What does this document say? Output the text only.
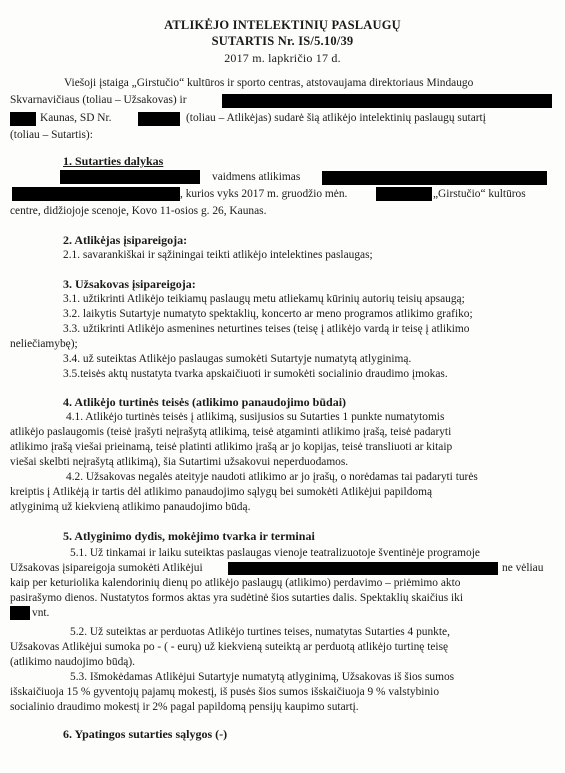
ATLIKĖJO INTELEKTINIŲ PASLAUGŲ
SUTARTIS Nr. IS/5.10/39
2017 m. lapkričio 17 d.
Viešoji įstaiga „Girstučio“ kultūros ir sporto centras, atstovaujama direktoriaus Mindaugo
Skvarnavičiaus (toliau – Užsakovas) ir
Kaunas, SD Nr.	(toliau – Atlikėjas) sudarė šią atlikėjo intelektinių paslaugų sutartį
(toliau – Sutartis):
1. Sutarties dalykas
vaidmens atlikimas
, kurios vyks 2017 m. gruodžio mėn.	„Girstučio“ kultūros
centre, didžiojoje scenoje, Kovo 11-osios g. 26, Kaunas.
2. Atlikėjas įsipareigoja:
2.1. savarankiškai ir sąžiningai teikti atlikėjo intelektines paslaugas;
3. Užsakovas įsipareigoja:
3.1. užtikrinti Atlikėjo teikiamų paslaugų metu atliekamų kūrinių autorių teisių apsaugą;
3.2. laikytis Sutartyje numatyto spektaklių, koncerto ar meno programos atlikimo grafiko;
3.3. užtikrinti Atlikėjo asmenines neturtines teises (teisę į atlikėjo vardą ir teisę į atlikimo
neliečiamybę);
3.4. už suteiktas Atlikėjo paslaugas sumokėti Sutartyje numatytą atlyginimą.
3.5.teisės aktų nustatyta tvarka apskaičiuoti ir sumokėti socialinio draudimo įmokas.
4. Atlikėjo turtinės teisės (atlikimo panaudojimo būdai)
4.1. Atlikėjo turtinės teisės į atlikimą, susijusios su Sutarties 1 punkte numatytomis
atlikėjo paslaugomis (teisė įrašyti neįrašytą atlikimą, teisė atgaminti atlikimo įrašą, teisė padaryti
atlikimo įrašą viešai prieinamą, teisė platinti atlikimo įrašą ar jo kopijas, teisė transliuoti ar kitaip
viešai skelbti neįrašytą atlikimą), šia Sutartimi užsakovui neperduodamos.
4.2. Užsakovas negalės ateityje naudoti atlikimo ar jo įrašų, o norėdamas tai padaryti turės
kreiptis į Atlikėją ir tartis dėl atlikimo panaudojimo sąlygų bei sumokėti Atlikėjui papildomą
atlyginimą už kiekvieną atlikimo panaudojimo būdą.
5. Atlyginimo dydis, mokėjimo tvarka ir terminai
5.1. Už tinkamai ir laiku suteiktas paslaugas vienoje teatralizuotoje šventinėje programoje
Užsakovas įsipareigoja sumokėti Atlikėjui	ne vėliau
kaip per keturiolika kalendorinių dienų po atlikėjo paslaugų (atlikimo) perdavimo – priėmimo akto
pasirašymo dienos. Nustatytos formos aktas yra sudėtinė šios sutarties dalis. Spektaklių skaičius iki
vnt.
5.2. Už suteiktas ar perduotas Atlikėjo turtines teises, numatytas Sutarties 4 punkte,
Užsakovas Atlikėjui sumoka po - ( - eurų) už kiekvieną suteiktą ar perduotą atlikėjo turtinę teisę
(atlikimo naudojimo būdą).
5.3. Išmokėdamas Atlikėjui Sutartyje numatytą atlyginimą, Užsakovas iš šios sumos
išskaičiuoja 15 % gyventojų pajamų mokestį, iš pusės šios sumos išskaičiuoja 9 % valstybinio
socialinio draudimo mokestį ir 2% pagal papildomą pensijų kaupimo sutartį.
6. Ypatingos sutarties sąlygos (-)
